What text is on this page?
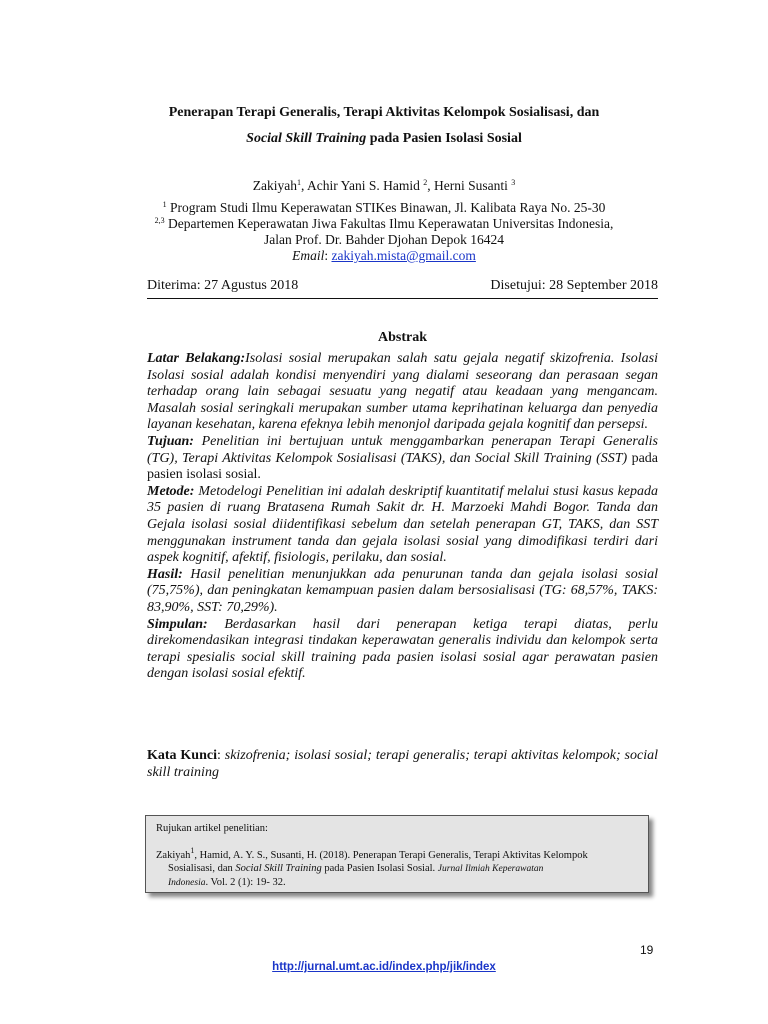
Penerapan Terapi Generalis, Terapi Aktivitas Kelompok Sosialisasi, dan
Social Skill Training pada Pasien Isolasi Sosial
Zakiyah$^1$, Achir Yani S. Hamid $^2$, Herni Susanti $^3$
$^1$ Program Studi Ilmu Keperawatan STIKes Binawan, Jl. Kalibata Raya No. 25-30
$^{2,3}$ Departemen Keperawatan Jiwa Fakultas Ilmu Keperawatan Universitas Indonesia,
Jalan Prof. Dr. Bahder Djohan Depok 16424
Email: zakiyah.mista@gmail.com
Diterima: 27 Agustus 2018	Disetujui: 28 September 2018
Abstrak

Latar Belakang:Isolasi sosial merupakan salah satu gejala negatif skizofrenia. Isolasi Isolasi sosial adalah kondisi menyendiri yang dialami seseorang dan perasaan segan terhadap orang lain sebagai sesuatu yang negatif atau keadaan yang mengancam. Masalah sosial seringkali merupakan sumber utama keprihatinan keluarga dan penyedia layanan kesehatan, karena efeknya lebih menonjol daripada gejala kognitif dan persepsi.

Tujuan: Penelitian ini bertujuan untuk menggambarkan penerapan Terapi Generalis (TG), Terapi Aktivitas Kelompok Sosialisasi (TAKS), dan Social Skill Training (SST) pada pasien isolasi sosial.

Metode: Metodelogi Penelitian ini adalah deskriptif kuantitatif melalui stusi kasus kepada 35 pasien di ruang Bratasena Rumah Sakit dr. H. Marzoeki Mahdi Bogor. Tanda dan Gejala isolasi sosial diidentifikasi sebelum dan setelah penerapan GT, TAKS, dan SST menggunakan instrument tanda dan gejala isolasi sosial yang dimodifikasi terdiri dari aspek kognitif, afektif, fisiologis, perilaku, dan sosial.

Hasil: Hasil penelitian menunjukkan ada penurunan tanda dan gejala isolasi sosial (75,75%), dan peningkatan kemampuan pasien dalam bersosialisasi (TG: 68,57%, TAKS: 83,90%, SST: 70,29%).

Simpulan: Berdasarkan hasil dari penerapan ketiga terapi diatas, perlu direkomendasikan integrasi tindakan keperawatan generalis individu dan kelompok serta terapi spesialis social skill training pada pasien isolasi sosial agar perawatan pasien dengan isolasi sosial efektif.

Kata Kunci: skizofrenia; isolasi sosial; terapi generalis; terapi aktivitas kelompok; social skill training
Rujukan artikel penelitian:
Zakiyah$^1$, Hamid, A. Y. S., Susanti, H. (2018). Penerapan Terapi Generalis, Terapi Aktivitas Kelompok
Sosialisasi, dan Social Skill Training pada Pasien Isolasi Sosial. Jurnal Ilmiah Keperawatan
Indonesia. Vol. 2 (1): 19- 32.
19
http://jurnal.umt.ac.id/index.php/jik/index
